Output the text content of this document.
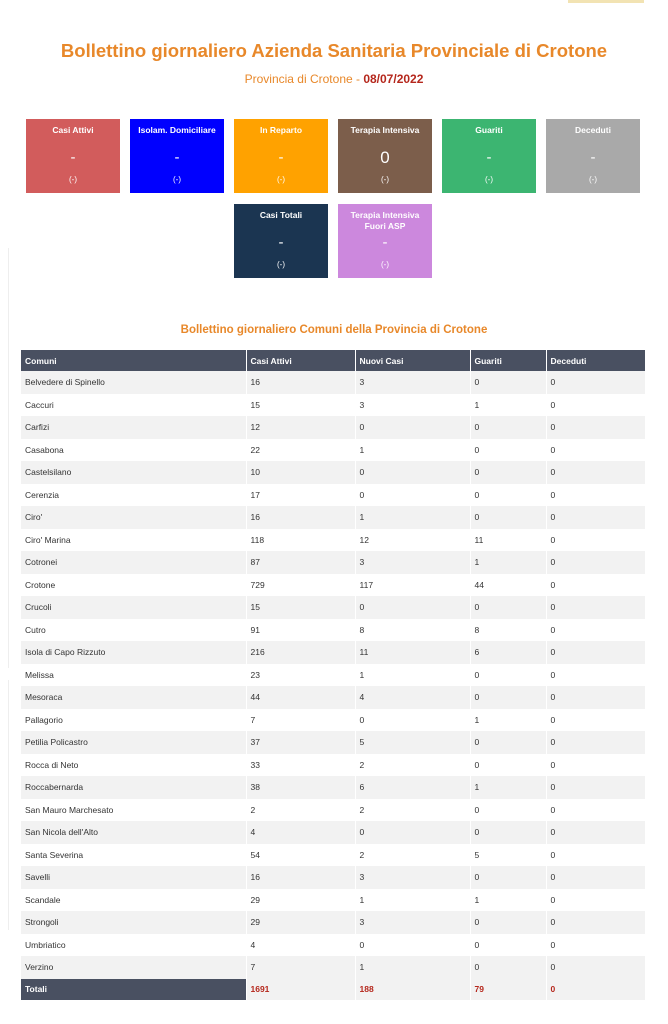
Bollettino giornaliero Azienda Sanitaria Provinciale di Crotone
Provincia di Crotone - 08/07/2022
Casi Attivi
-
(-)
Isolam. Domiciliare
-
(-)
In Reparto
-
(-)
Terapia Intensiva
0
(-)
Guariti
-
(-)
Deceduti
-
(-)
Casi Totali
-
(-)
Terapia Intensiva Fuori ASP
-
(-)
Bollettino giornaliero Comuni della Provincia di Crotone
Comuni	Casi Attivi	Nuovi Casi	Guariti	Deceduti
Belvedere di Spinello	16	3	0	0
Caccuri	15	3	1	0
Carfizi	12	0	0	0
Casabona	22	1	0	0
Castelsilano	10	0	0	0
Cerenzia	17	0	0	0
Ciro'	16	1	0	0
Ciro' Marina	118	12	11	0
Cotronei	87	3	1	0
Crotone	729	117	44	0
Crucoli	15	0	0	0
Cutro	91	8	8	0
Isola di Capo Rizzuto	216	11	6	0
Melissa	23	1	0	0
Mesoraca	44	4	0	0
Pallagorio	7	0	1	0
Petilia Policastro	37	5	0	0
Rocca di Neto	33	2	0	0
Roccabernarda	38	6	1	0
San Mauro Marchesato	2	2	0	0
San Nicola dell'Alto	4	0	0	0
Santa Severina	54	2	5	0
Savelli	16	3	0	0
Scandale	29	1	1	0
Strongoli	29	3	0	0
Umbriatico	4	0	0	0
Verzino	7	1	0	0
Totali	1691	188	79	0
